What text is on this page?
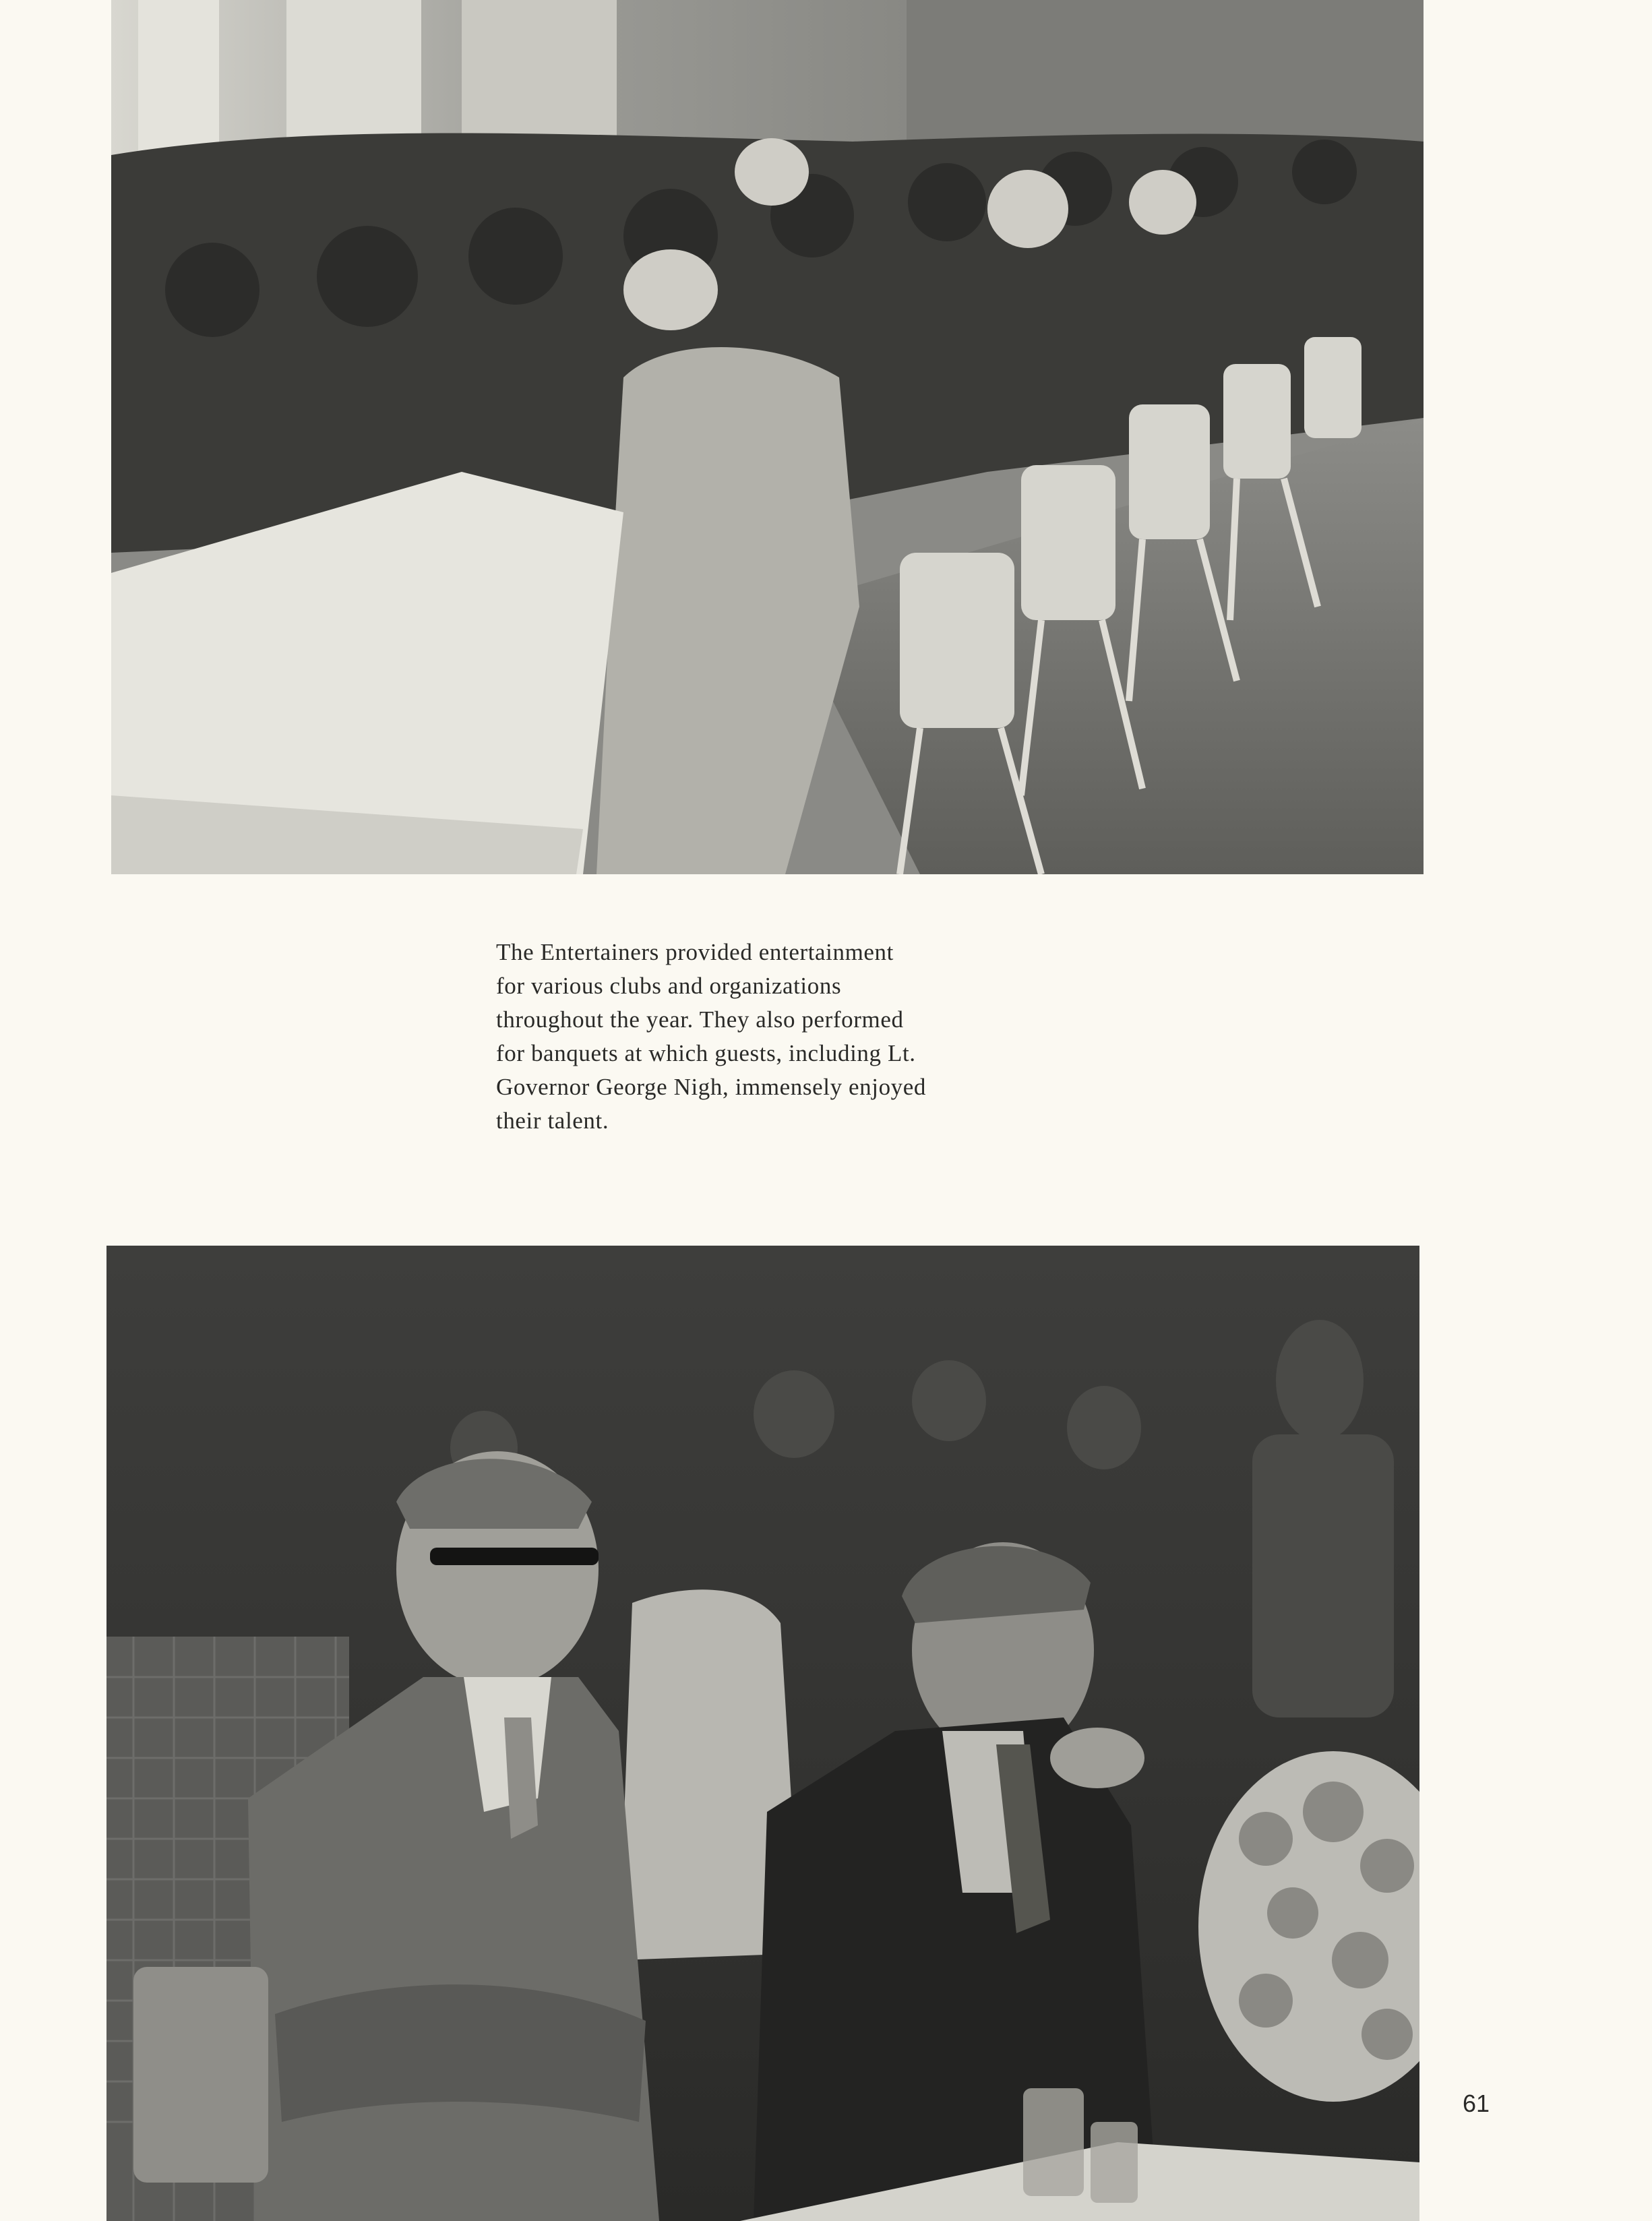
The Entertainers provided entertainment
for various clubs and organizations
throughout the year. They also performed
for banquets at which guests, including Lt.
Governor George Nigh, immensely enjoyed
their talent.

61
